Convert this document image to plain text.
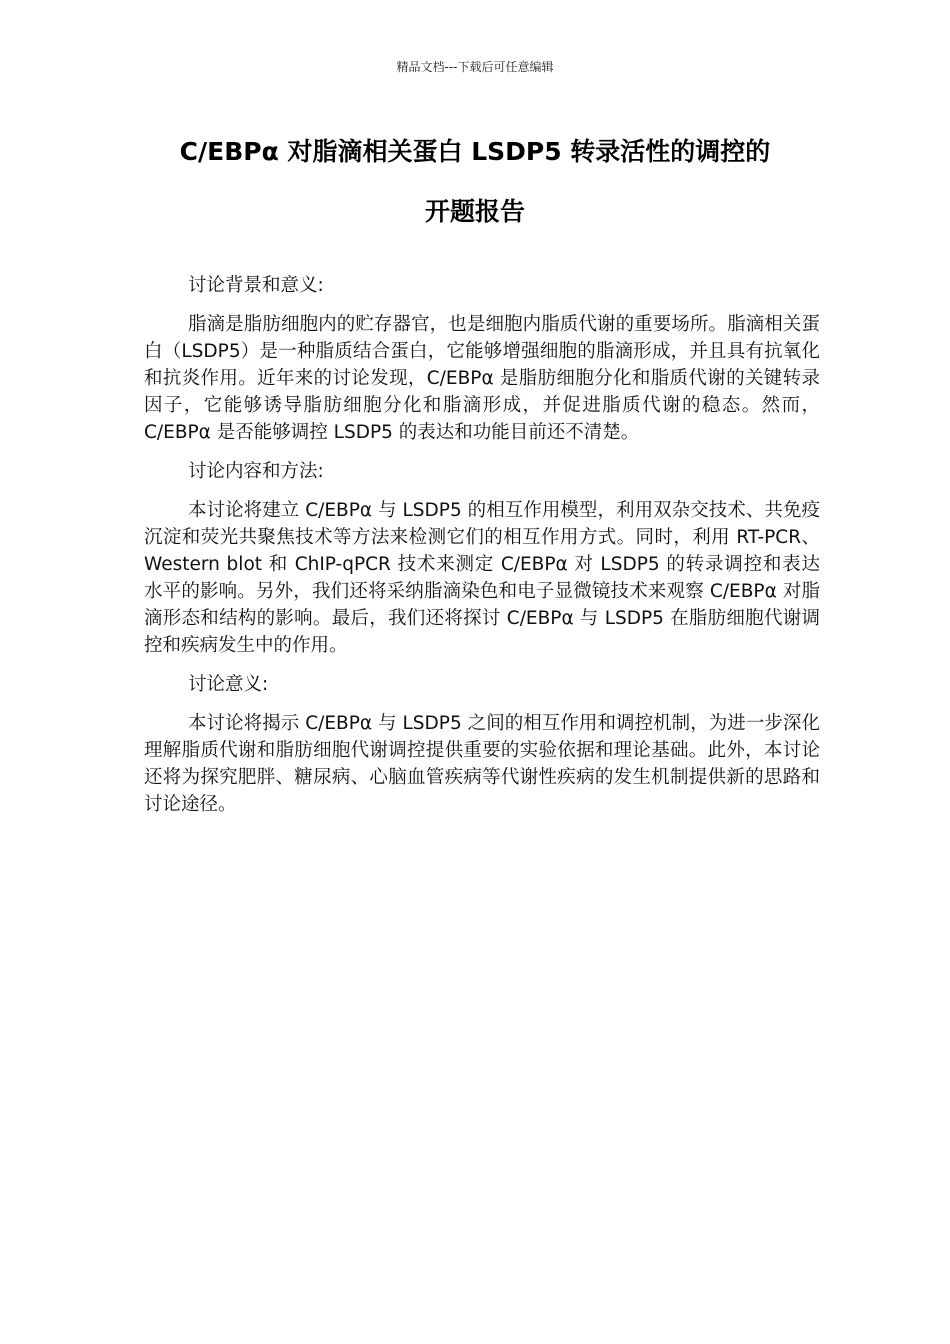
精品文档---下载后可任意编辑
C/EBPα 对脂滴相关蛋白 LSDP5 转录活性的调控的
开题报告
讨论背景和意义:
脂滴是脂肪细胞内的贮存器官，也是细胞内脂质代谢的重要场所。脂滴相关蛋白（LSDP5）是一种脂质结合蛋白，它能够增强细胞的脂滴形成，并且具有抗氧化和抗炎作用。近年来的讨论发现，C/EBPα 是脂肪细胞分化和脂质代谢的关键转录因子，它能够诱导脂肪细胞分化和脂滴形成，并促进脂质代谢的稳态。然而，C/EBPα 是否能够调控 LSDP5 的表达和功能目前还不清楚。
讨论内容和方法:
本讨论将建立 C/EBPα 与 LSDP5 的相互作用模型，利用双杂交技术、共免疫沉淀和荧光共聚焦技术等方法来检测它们的相互作用方式。同时，利用 RT-PCR、Western blot 和 ChIP-qPCR 技术来测定 C/EBPα 对 LSDP5 的转录调控和表达水平的影响。另外，我们还将采纳脂滴染色和电子显微镜技术来观察 C/EBPα 对脂滴形态和结构的影响。最后，我们还将探讨 C/EBPα 与 LSDP5 在脂肪细胞代谢调控和疾病发生中的作用。
讨论意义:
本讨论将揭示 C/EBPα 与 LSDP5 之间的相互作用和调控机制，为进一步深化理解脂质代谢和脂肪细胞代谢调控提供重要的实验依据和理论基础。此外，本讨论还将为探究肥胖、糖尿病、心脑血管疾病等代谢性疾病的发生机制提供新的思路和讨论途径。
